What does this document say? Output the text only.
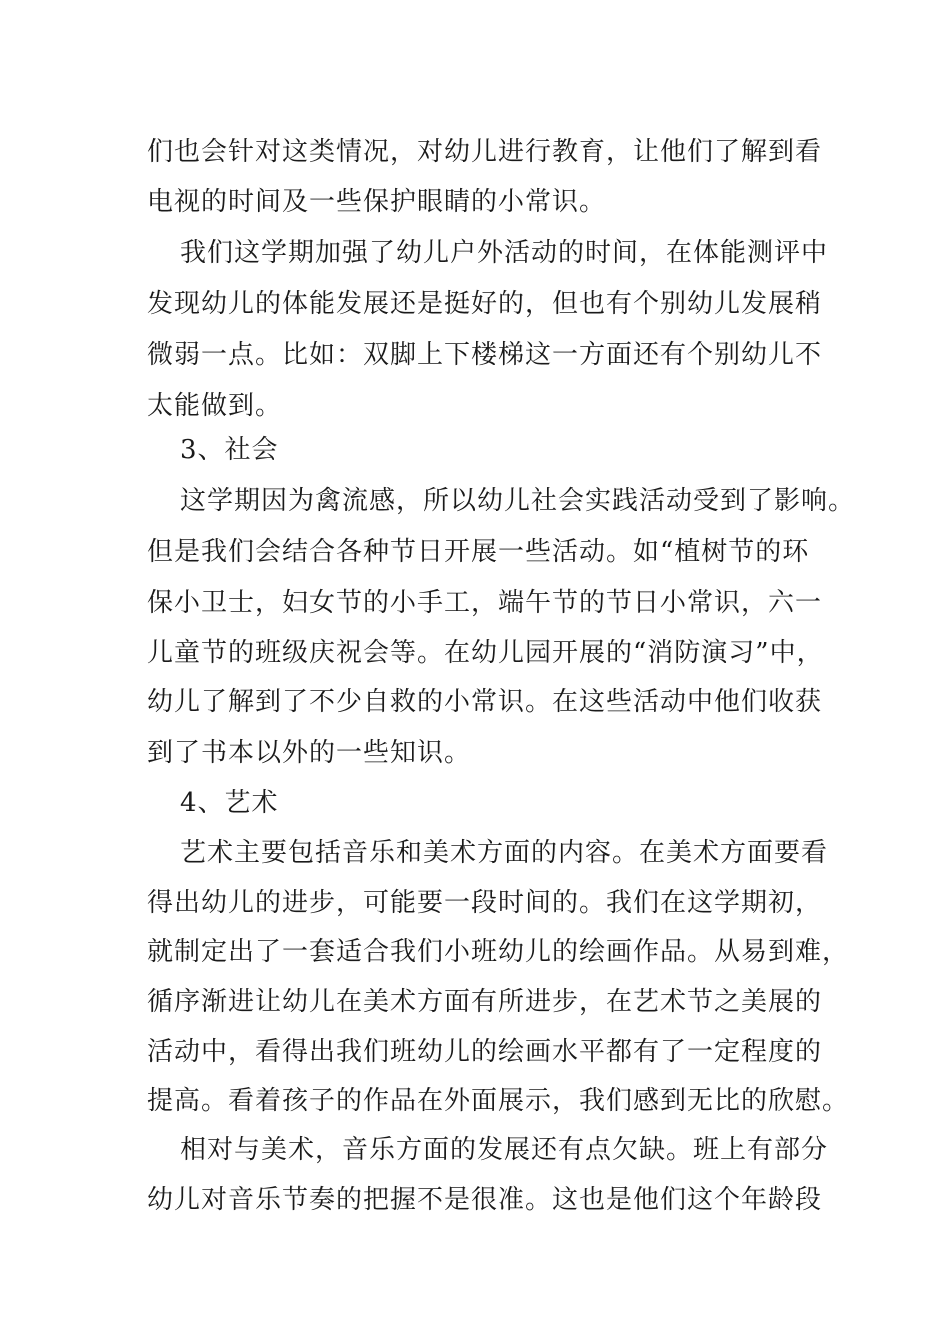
们也会针对这类情况，对幼儿进行教育，让他们了解到看
电视的时间及一些保护眼睛的小常识。
我们这学期加强了幼儿户外活动的时间，在体能测评中
发现幼儿的体能发展还是挺好的，但也有个别幼儿发展稍
微弱一点。比如：双脚上下楼梯这一方面还有个别幼儿不
太能做到。
3、社会
这学期因为禽流感，所以幼儿社会实践活动受到了影响。
但是我们会结合各种节日开展一些活动。如“植树节的环
保小卫士，妇女节的小手工，端午节的节日小常识，六一
儿童节的班级庆祝会等。在幼儿园开展的“消防演习”中，
幼儿了解到了不少自救的小常识。在这些活动中他们收获
到了书本以外的一些知识。
4、艺术
艺术主要包括音乐和美术方面的内容。在美术方面要看
得出幼儿的进步，可能要一段时间的。我们在这学期初，
就制定出了一套适合我们小班幼儿的绘画作品。从易到难，
循序渐进让幼儿在美术方面有所进步，在艺术节之美展的
活动中，看得出我们班幼儿的绘画水平都有了一定程度的
提高。看着孩子的作品在外面展示，我们感到无比的欣慰。
相对与美术，音乐方面的发展还有点欠缺。班上有部分
幼儿对音乐节奏的把握不是很准。这也是他们这个年龄段
